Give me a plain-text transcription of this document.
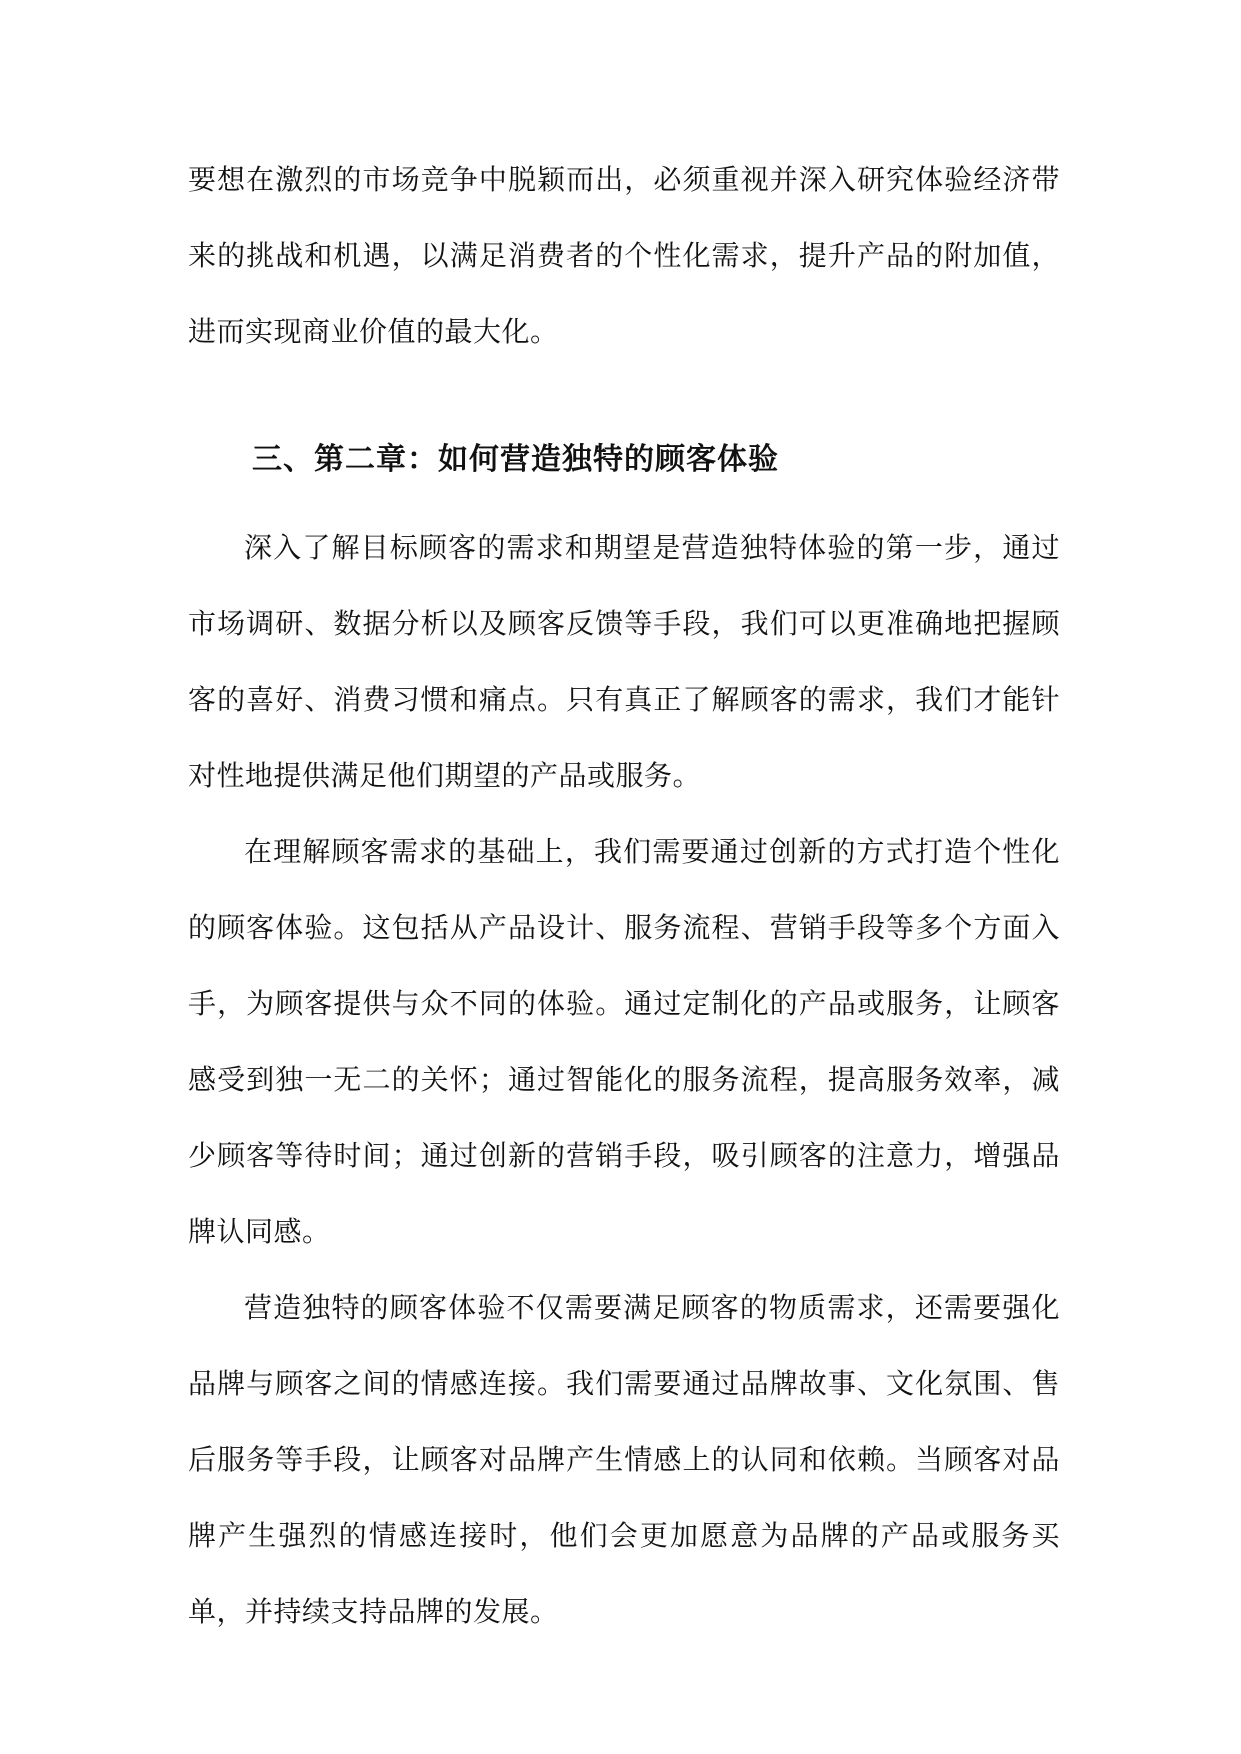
要想在激烈的市场竞争中脱颖而出，必须重视并深入研究体验经济带来的挑战和机遇，以满足消费者的个性化需求，提升产品的附加值，进而实现商业价值的最大化。

三、第二章：如何营造独特的顾客体验

深入了解目标顾客的需求和期望是营造独特体验的第一步，通过市场调研、数据分析以及顾客反馈等手段，我们可以更准确地把握顾客的喜好、消费习惯和痛点。只有真正了解顾客的需求，我们才能针对性地提供满足他们期望的产品或服务。

在理解顾客需求的基础上，我们需要通过创新的方式打造个性化的顾客体验。这包括从产品设计、服务流程、营销手段等多个方面入手，为顾客提供与众不同的体验。通过定制化的产品或服务，让顾客感受到独一无二的关怀；通过智能化的服务流程，提高服务效率，减少顾客等待时间；通过创新的营销手段，吸引顾客的注意力，增强品牌认同感。

营造独特的顾客体验不仅需要满足顾客的物质需求，还需要强化品牌与顾客之间的情感连接。我们需要通过品牌故事、文化氛围、售后服务等手段，让顾客对品牌产生情感上的认同和依赖。当顾客对品牌产生强烈的情感连接时，他们会更加愿意为品牌的产品或服务买单，并持续支持品牌的发展。
